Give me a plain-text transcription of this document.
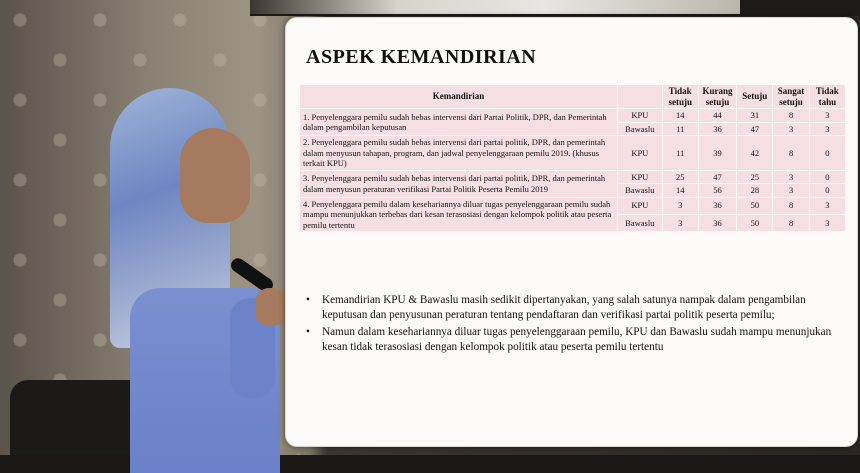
ASPEK KEMANDIRIAN
Kemandirian		Tidak setuju	Kurang setuju	Setuju	Sangat setuju	Tidak tahu
1. Penyelenggara pemilu sudah bebas intervensi dari Partai Politik, DPR, dan Pemerintah dalam pengambilan keputusan	KPU	14	44	31	8	3
	Bawaslu	11	36	47	3	3
2. Penyelenggara pemilu sudah bebas intervensi dari partai politik, DPR, dan pemerintah dalam menyusun tahapan, program, dan jadwal penyelenggaraan pemilu 2019. (khusus terkait KPU)	KPU	11	39	42	8	0
3. Penyelenggara pemilu sudah bebas intervensi dari partai politik, DPR, dan pemerintah dalam menyusun peraturan verifikasi Partai Politik Peserta Pemilu 2019	KPU	25	47	25	3	0
	Bawaslu	14	56	28	3	0
4. Penyelenggara pemilu dalam kesehariannya diluar tugas penyelenggaraan pemilu sudah mampu menunjukkan terbebas dari kesan terasosiasi dengan kelompok politik atau peserta pemilu tertentu	KPU	3	36	50	8	3
	Bawaslu	3	36	50	8	3
•	Kemandirian KPU & Bawaslu masih sedikit dipertanyakan, yang salah satunya nampak dalam pengambilan keputusan dan penyusunan peraturan tentang pendaftaran dan verifikasi partai politik peserta pemilu;
•	Namun dalam kesehariannya diluar tugas penyelenggaraan pemilu, KPU dan Bawaslu sudah mampu menunjukan kesan tidak terasosiasi dengan kelompok politik atau peserta pemilu tertentu
